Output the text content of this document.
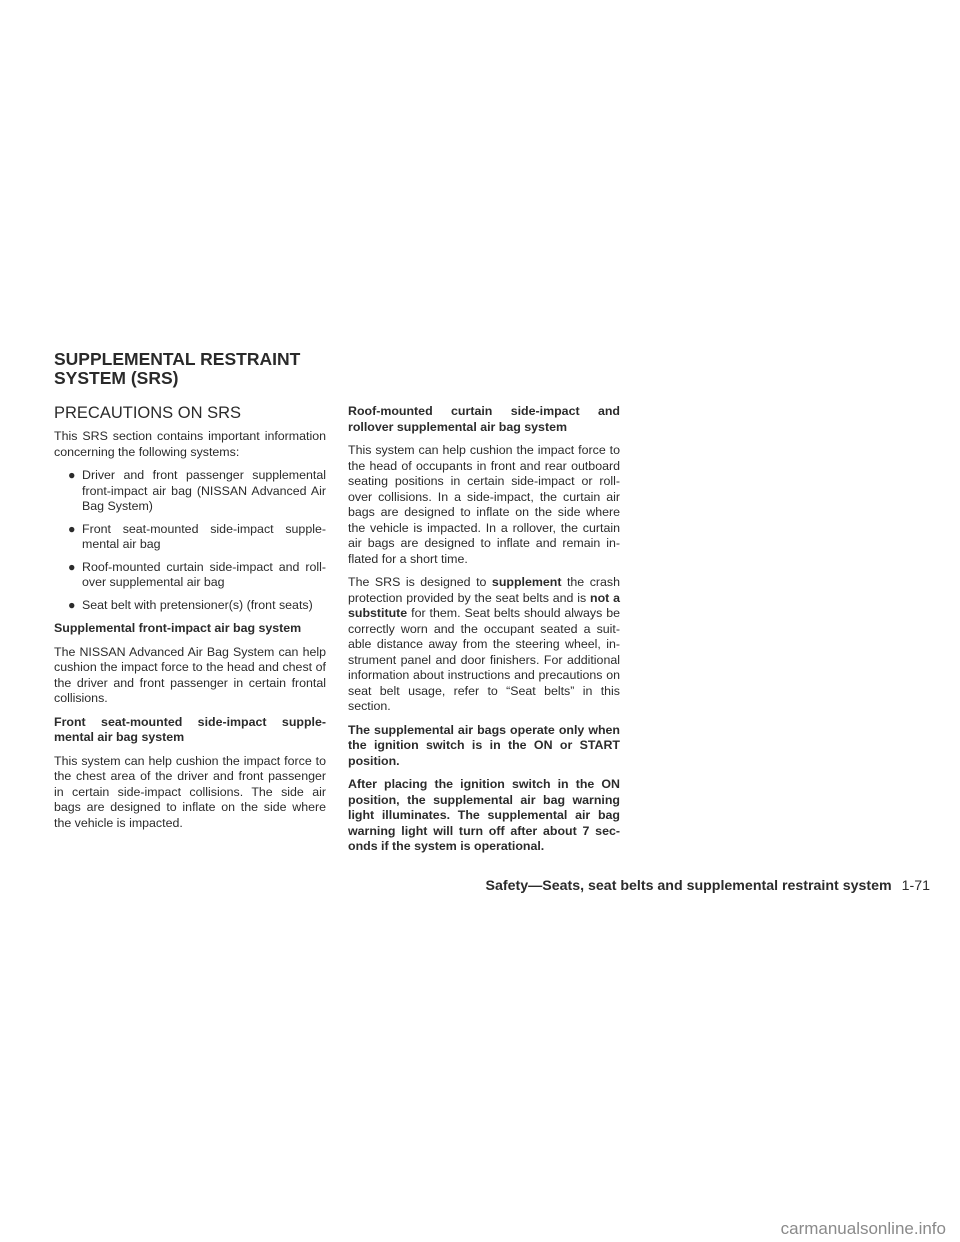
SUPPLEMENTAL RESTRAINT
SYSTEM (SRS)
PRECAUTIONS ON SRS

This SRS section contains important information concerning the following systems:

● Driver and front passenger supplemental front-impact air bag (NISSAN Advanced Air Bag System)
● Front seat-mounted side-impact supple-mental air bag
● Roof-mounted curtain side-impact and roll-over supplemental air bag
● Seat belt with pretensioner(s) (front seats)

Supplemental front-impact air bag system

The NISSAN Advanced Air Bag System can help cushion the impact force to the head and chest of the driver and front passenger in certain frontal collisions.

Front seat-mounted side-impact supple-mental air bag system

This system can help cushion the impact force to the chest area of the driver and front passenger in certain side-impact collisions. The side air bags are designed to inflate on the side where the vehicle is impacted.

Roof-mounted curtain side-impact and rollover supplemental air bag system

This system can help cushion the impact force to the head of occupants in front and rear outboard seating positions in certain side-impact or roll-over collisions. In a side-impact, the curtain air bags are designed to inflate on the side where the vehicle is impacted. In a rollover, the curtain air bags are designed to inflate and remain in-flated for a short time.

The SRS is designed to supplement the crash protection provided by the seat belts and is not a substitute for them. Seat belts should always be correctly worn and the occupant seated a suit-able distance away from the steering wheel, in-strument panel and door finishers. For additional information about instructions and precautions on seat belt usage, refer to “Seat belts” in this section.

The supplemental air bags operate only when the ignition switch is in the ON or START position.

After placing the ignition switch in the ON position, the supplemental air bag warning light illuminates. The supplemental air bag warning light will turn off after about 7 sec-onds if the system is operational.

Safety—Seats, seat belts and supplemental restraint system 1-71
carmanualsonline.info
